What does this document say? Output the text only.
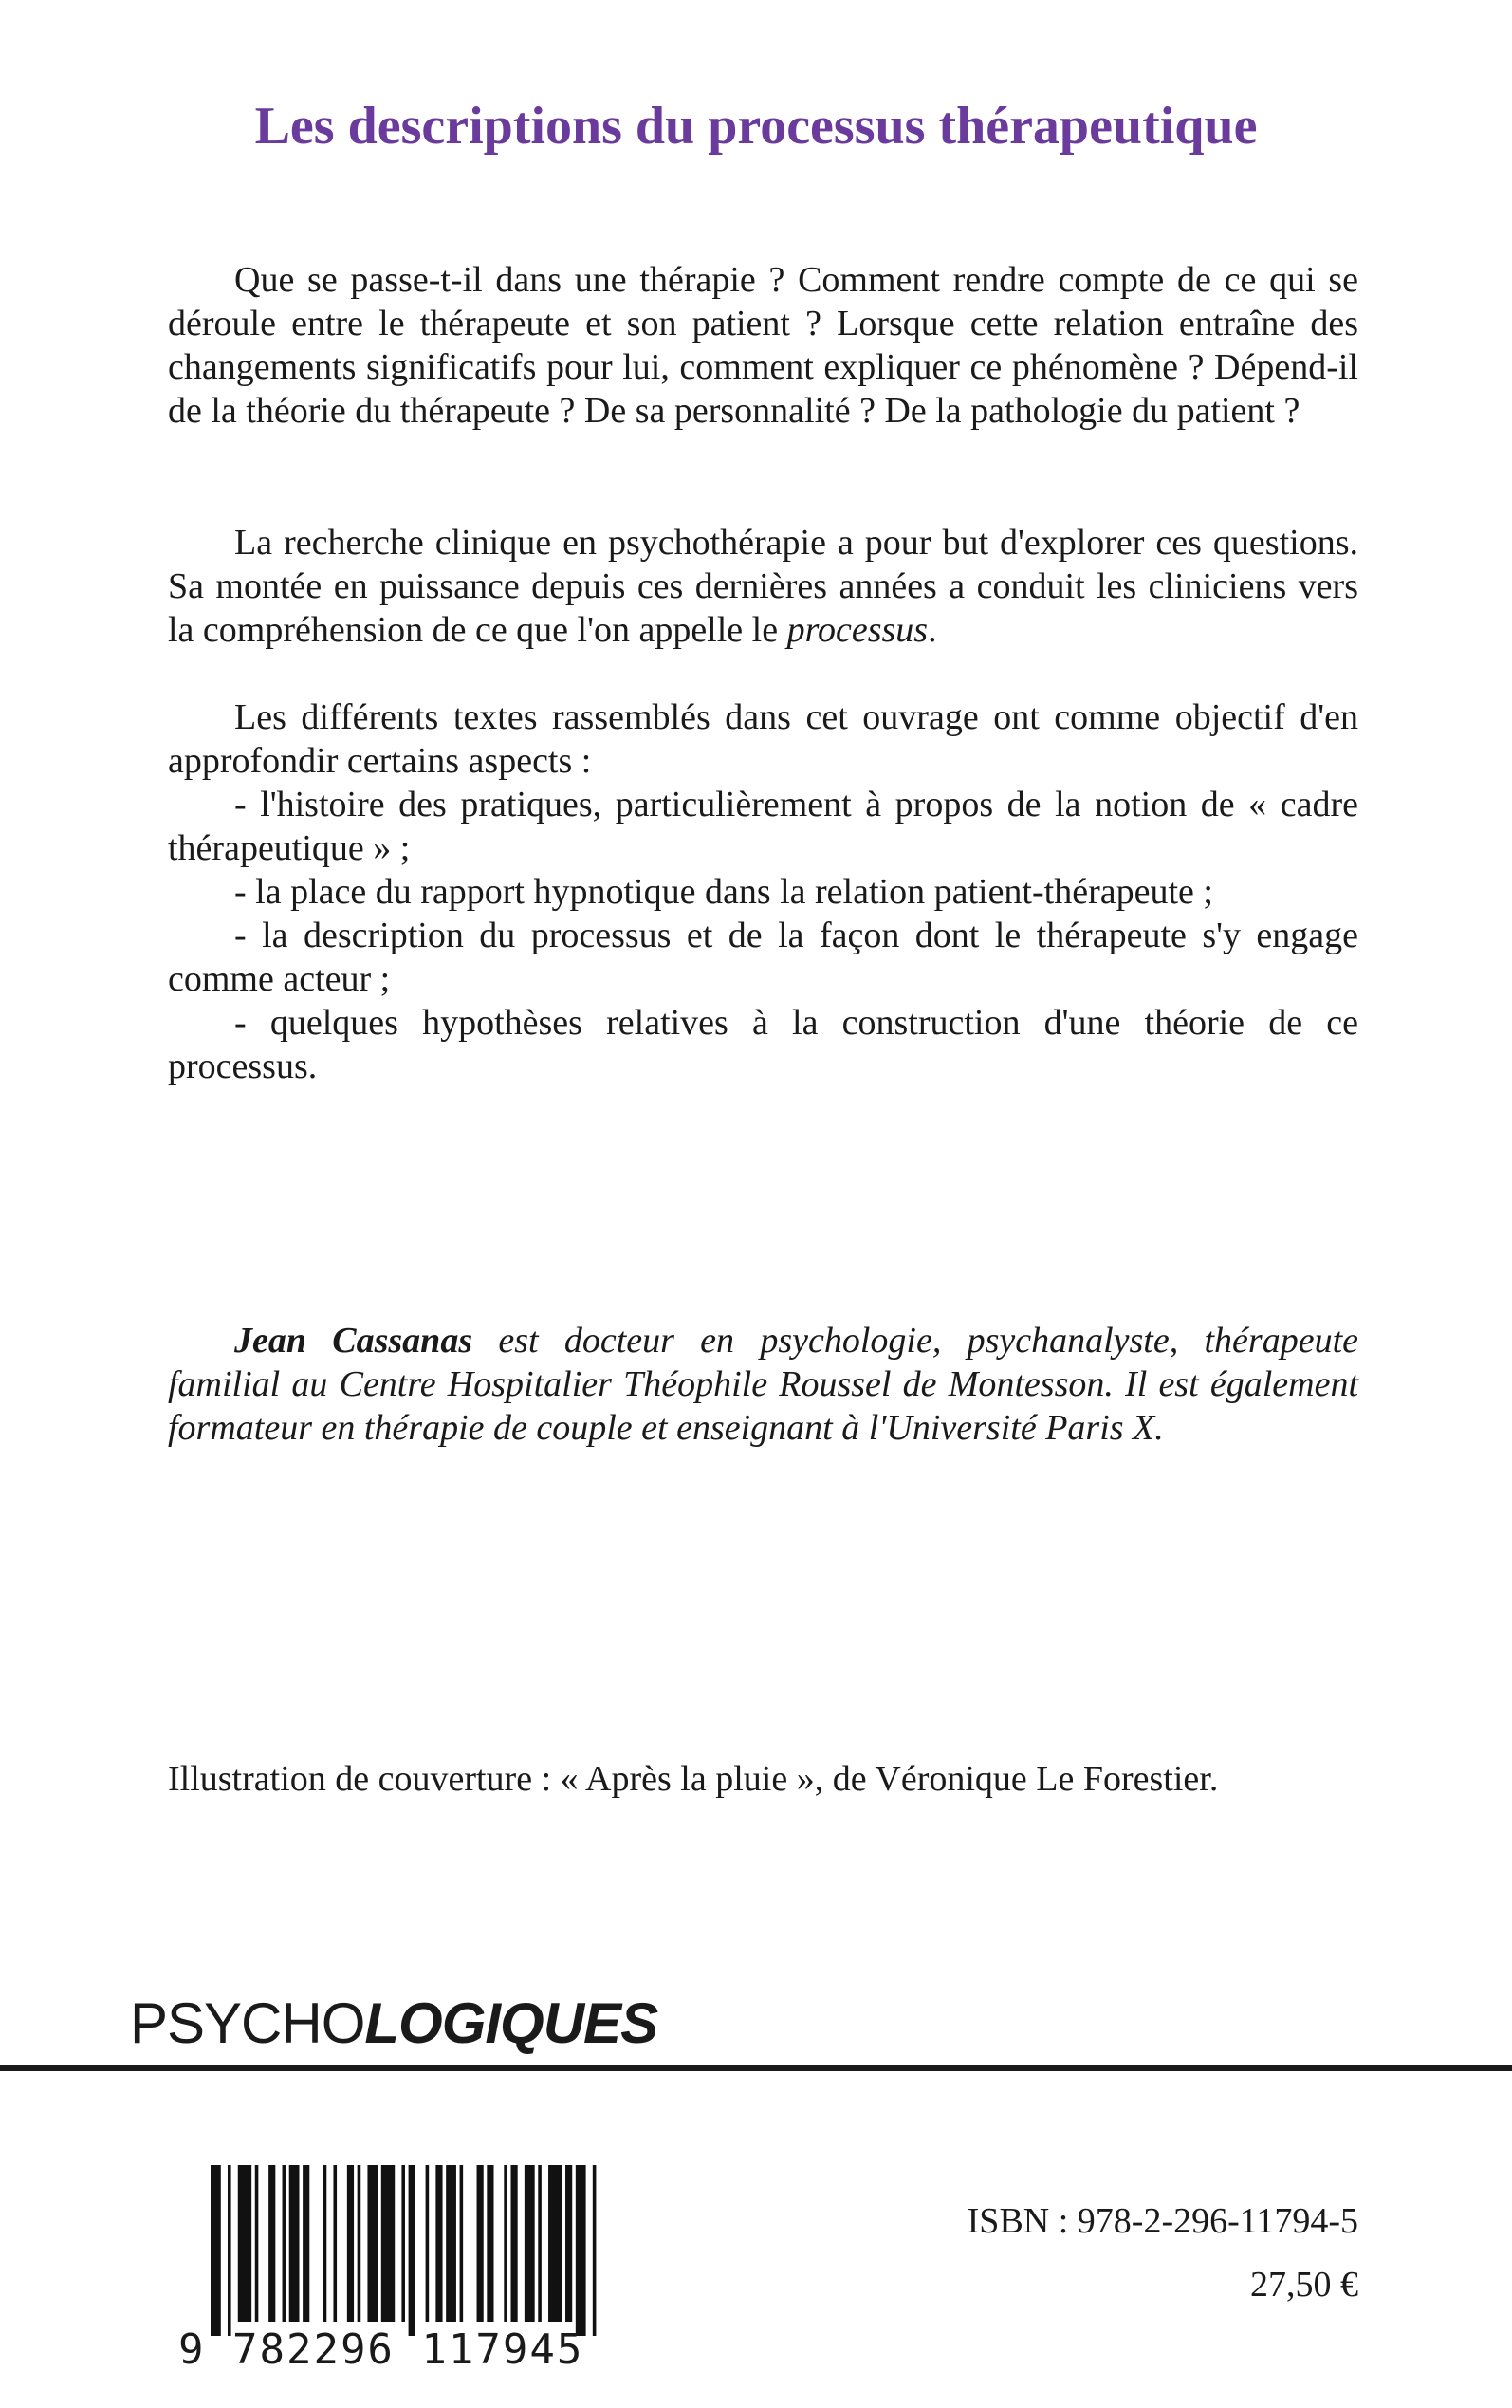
Les descriptions du processus thérapeutique

Que se passe-t-il dans une thérapie ? Comment rendre compte de ce qui se déroule entre le thérapeute et son patient ? Lorsque cette relation entraîne des changements significatifs pour lui, comment expliquer ce phénomène ? Dépend-il de la théorie du thérapeute ? De sa personnalité ? De la pathologie du patient ?

La recherche clinique en psychothérapie a pour but d'explorer ces questions. Sa montée en puissance depuis ces dernières années a conduit les cliniciens vers la compréhension de ce que l'on appelle le processus.

Les différents textes rassemblés dans cet ouvrage ont comme objectif d'en approfondir certains aspects :

- l'histoire des pratiques, particulièrement à propos de la notion de « cadre thérapeutique » ;

- la place du rapport hypnotique dans la relation patient-thérapeute ;

- la description du processus et de la façon dont le thérapeute s'y engage comme acteur ;

- quelques hypothèses relatives à la construction d'une théorie de ce processus.

Jean Cassanas est docteur en psychologie, psychanalyste, thérapeute familial au Centre Hospitalier Théophile Roussel de Montesson. Il est également formateur en thérapie de couple et enseignant à l'Université Paris X.

Illustration de couverture : « Après la pluie », de Véronique Le Forestier.
PSYCHOLOGIQUES
9 782296 117945
ISBN : 978-2-296-11794-5
27,50 €
